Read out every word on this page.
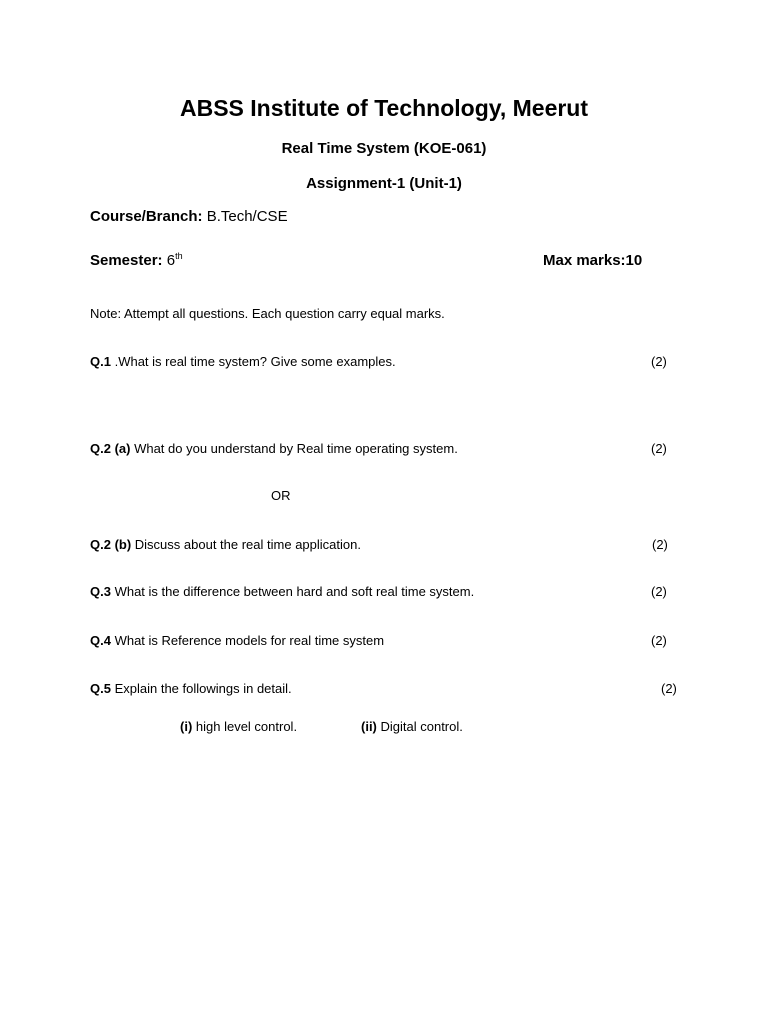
ABSS Institute of Technology, Meerut
Real Time System (KOE-061)
Assignment-1 (Unit-1)
Course/Branch: B.Tech/CSE
Semester: 6th	Max marks:10
Note: Attempt all questions. Each question carry equal marks.
Q.1 .What is real time system? Give some examples.	(2)
Q.2 (a) What do you understand by Real time operating system.	(2)
OR
Q.2 (b) Discuss about the real time application.	(2)
Q.3 What is the difference between hard and soft real time system.	(2)
Q.4 What is Reference models for real time system	(2)
Q.5 Explain the followings in detail.	(2)
(i) high level control.	(ii) Digital control.
